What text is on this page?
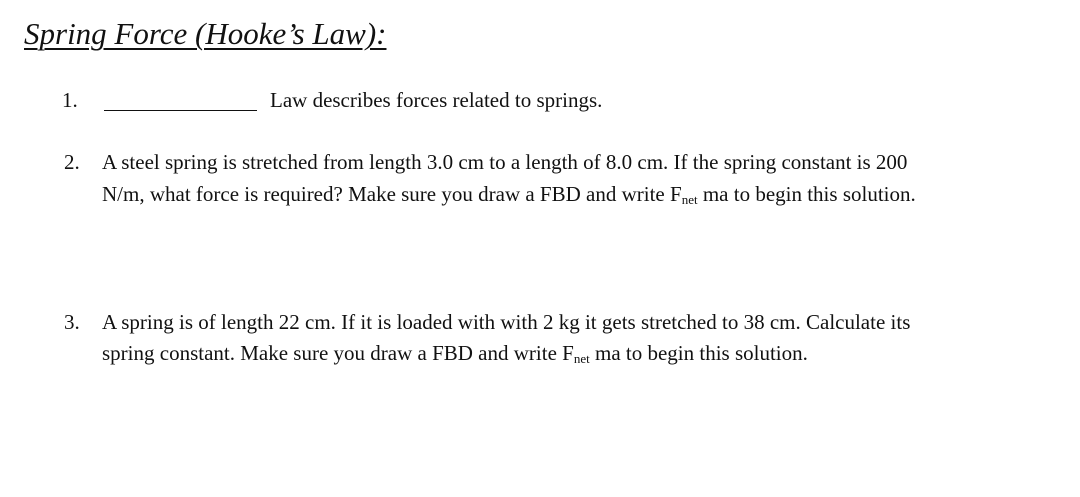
Spring Force (Hooke’s Law):
1.	Law describes forces related to springs.
2. A steel spring is stretched from length 3.0 cm to a length of 8.0 cm. If the spring constant is 200
N/m, what force is required? Make sure you draw a FBD and write $F_{net}$ ma to begin this solution.
3. A spring is of length 22 cm. If it is loaded with with 2 kg it gets stretched to 38 cm. Calculate its
spring constant. Make sure you draw a FBD and write $F_{net}$ ma to begin this solution.
